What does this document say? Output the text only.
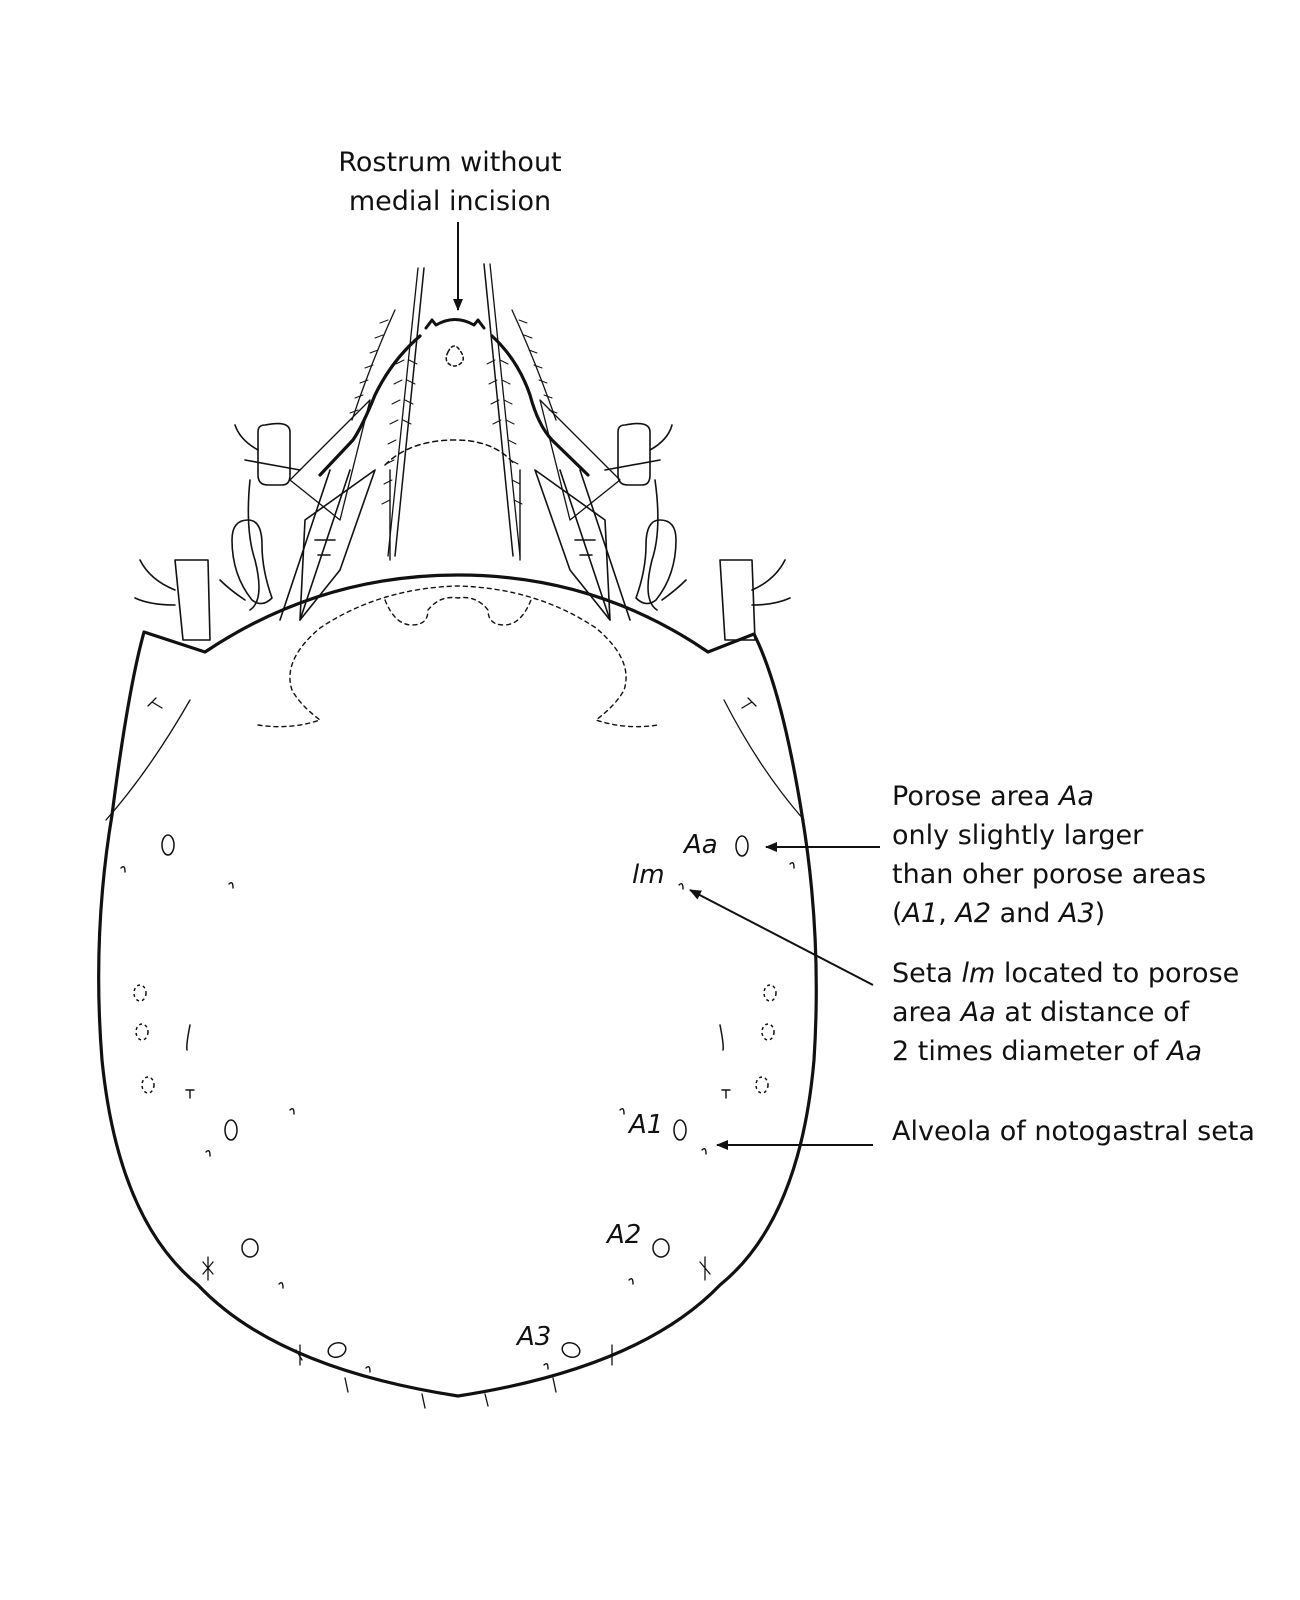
Aa
lm
A1
A2
A3
Rostrum without
medial incision
Porose area Aa
only slightly larger
than oher porose areas
(A1, A2 and A3)
Seta lm located to porose
area Aa at distance of
2 times diameter of Aa
Alveola of notogastral seta
